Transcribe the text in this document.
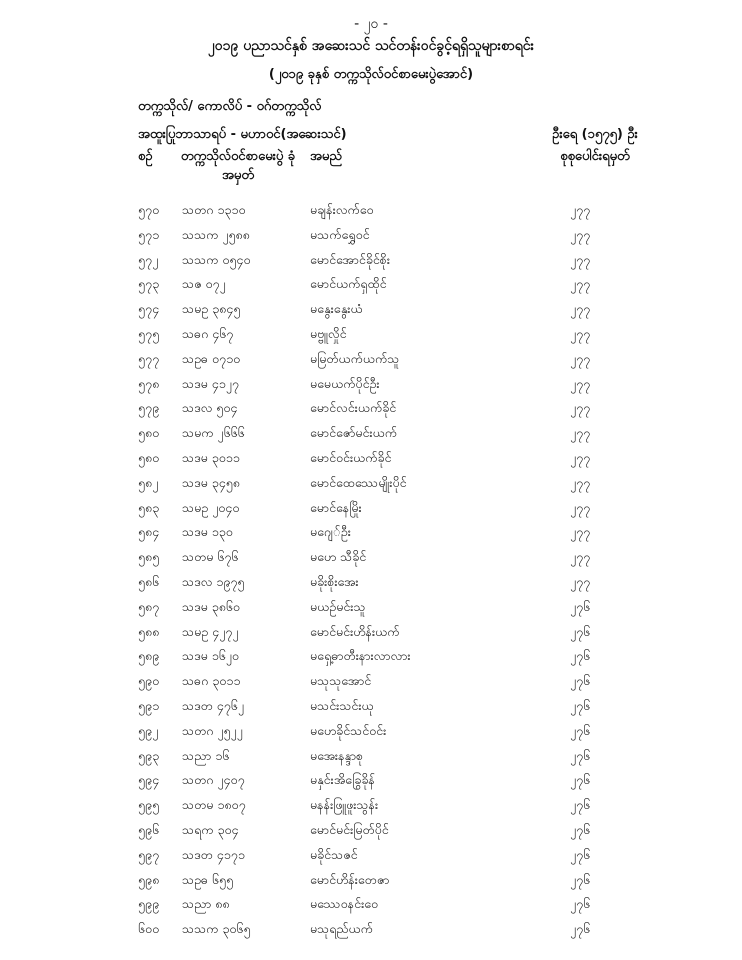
- ၂၀ -
၂၀၁၉ ပညာသင်နှစ် အဆေးသင် သင်တန်းဝင်ခွင့်ရရှိသူများစာရင်း
(၂၀၁၉ ခုနှစ် တက္ကသိုလ်ဝင်စာမေးပွဲအောင်)
တက္ကသိုလ်/ ကောလိပ် - ဝဂ်တက္ကသိုလ်
အထူးပြုဘာသာရပ် - မဟာဝင်(အဆေးသင်)	ဦးရေ (၁၅၇၅) ဦး
စဉ် တက္ကသိုလ်ဝင်စာမေးပွဲ ခုံအမှတ်
အမည်	စုစုပေါင်းရမှတ်
၅၇၀ သတဂ ၁၃၁၀	မချန်းလက်ဝေ	၂၇၇
၅၇၁ သသက ၂၅၈၈	မသက်ရွှေဝင်	၂၇၇
၅၇၂ သသက ၀၅၄၀	မောင်အောင်ခိုင်စိုး	၂၇၇
၅၇၃ သဇ ၀၇၂	မောင်ယက်ရှထိုင်	၂၇၇
၅၇၄ သမဥ ၃၈၄၅	မနွေးနွေးယံ	၂၇၇
၅၇၅ သဓဂ ၄၆၇	မဗ္ဗူလှိုင်	၂၇၇
၅၇၇ သဥဓ ၀၇၁၀	မမြတ်ယက်ယက်သူ	၂၇၇
၅၇၈ သဒမ ၄၁၂၇	မမေယက်ပိုင်ဦး	၂၇၇
၅၇၉ သဒလ ၅၀၄	မောင်လင်းယက်ခိုင်	၂၇၇
၅၈၀ သမက ၂၆၆၆	မောင်ဇော်မင်းယက်	၂၇၇
၅၈၀ သဒမ ၃၀၁၁	မောင်ဝင်းယက်ခိုင်	၂၇၇
၅၈၂ သဒမ ၃၄၅၈	မောင်ထေဿေမျိုးပိုင်	၂၇၇
၅၈၃ သမဥ ၂၀၄၀	မောင်နေမြိုး	၂၇၇
၅၈၄ သဒမ ၁၃၀	မဂျေ်ဦး	၂၇၇
၅၈၅ သတမ ၆၇၆	မဟေ သီခိုင်	၂၇၇
၅၈၆ သဒလ ၁၉၇၅	မခိုးစိုးအေး	၂၇၇
၅၈၇ သဒမ ၃၈၆၀	မယဥ်မင်းသူ	၂၇၆
၅၈၈ သမဥ ၄၂၇၂	မောင်မင်းဟိန်းယက်	၂၇၆
၅၈၉ သဒမ ၁၆၂၀	မရှေ့ဓာတီးနားလာလား	၂၇၆
၅၉၀ သဓဂ ၃၀၁၁	မသုသုအောင်	၂၇၆
၅၉၁ သဒတ ၄၇၆၂	မသင်းသင်းယု	၂၇၆
၅၉၂ သတဂ ၂၅၂၂	မဟေခိုင်သင်ဝင်း	၂၇၆
၅၉၃ သညာ ၁၆	မအေးနန္ဒာစု	၂၇၆
၅၉၄ သတဂ ၂၄၀၇	မနှင်းအိခြွေခိုန်	၂၇၆
၅၉၅ သတမ ၁၈၀၇	မနန်းဖြူဖူးသွန်း	၂၇၆
၅၉၆ သရက ၃၀၄	မောင်မင်းမြတ်ပိုင်	၂၇၆
၅၉၇ သဒတ ၄၁၇၁	မခိုင်သဇင်	၂၇၆
၅၉၈ သဥဓ ၆၅၅	မောင်ဟိန်းတေဇာ	၂၇၆
၅၉၉ သညာ ၈၈	မဿေဝနင်းဝေ	၂၇၆
၆၀၀ သသက ၃၀၆၅	မသုရည်ယက်	၂၇၆
